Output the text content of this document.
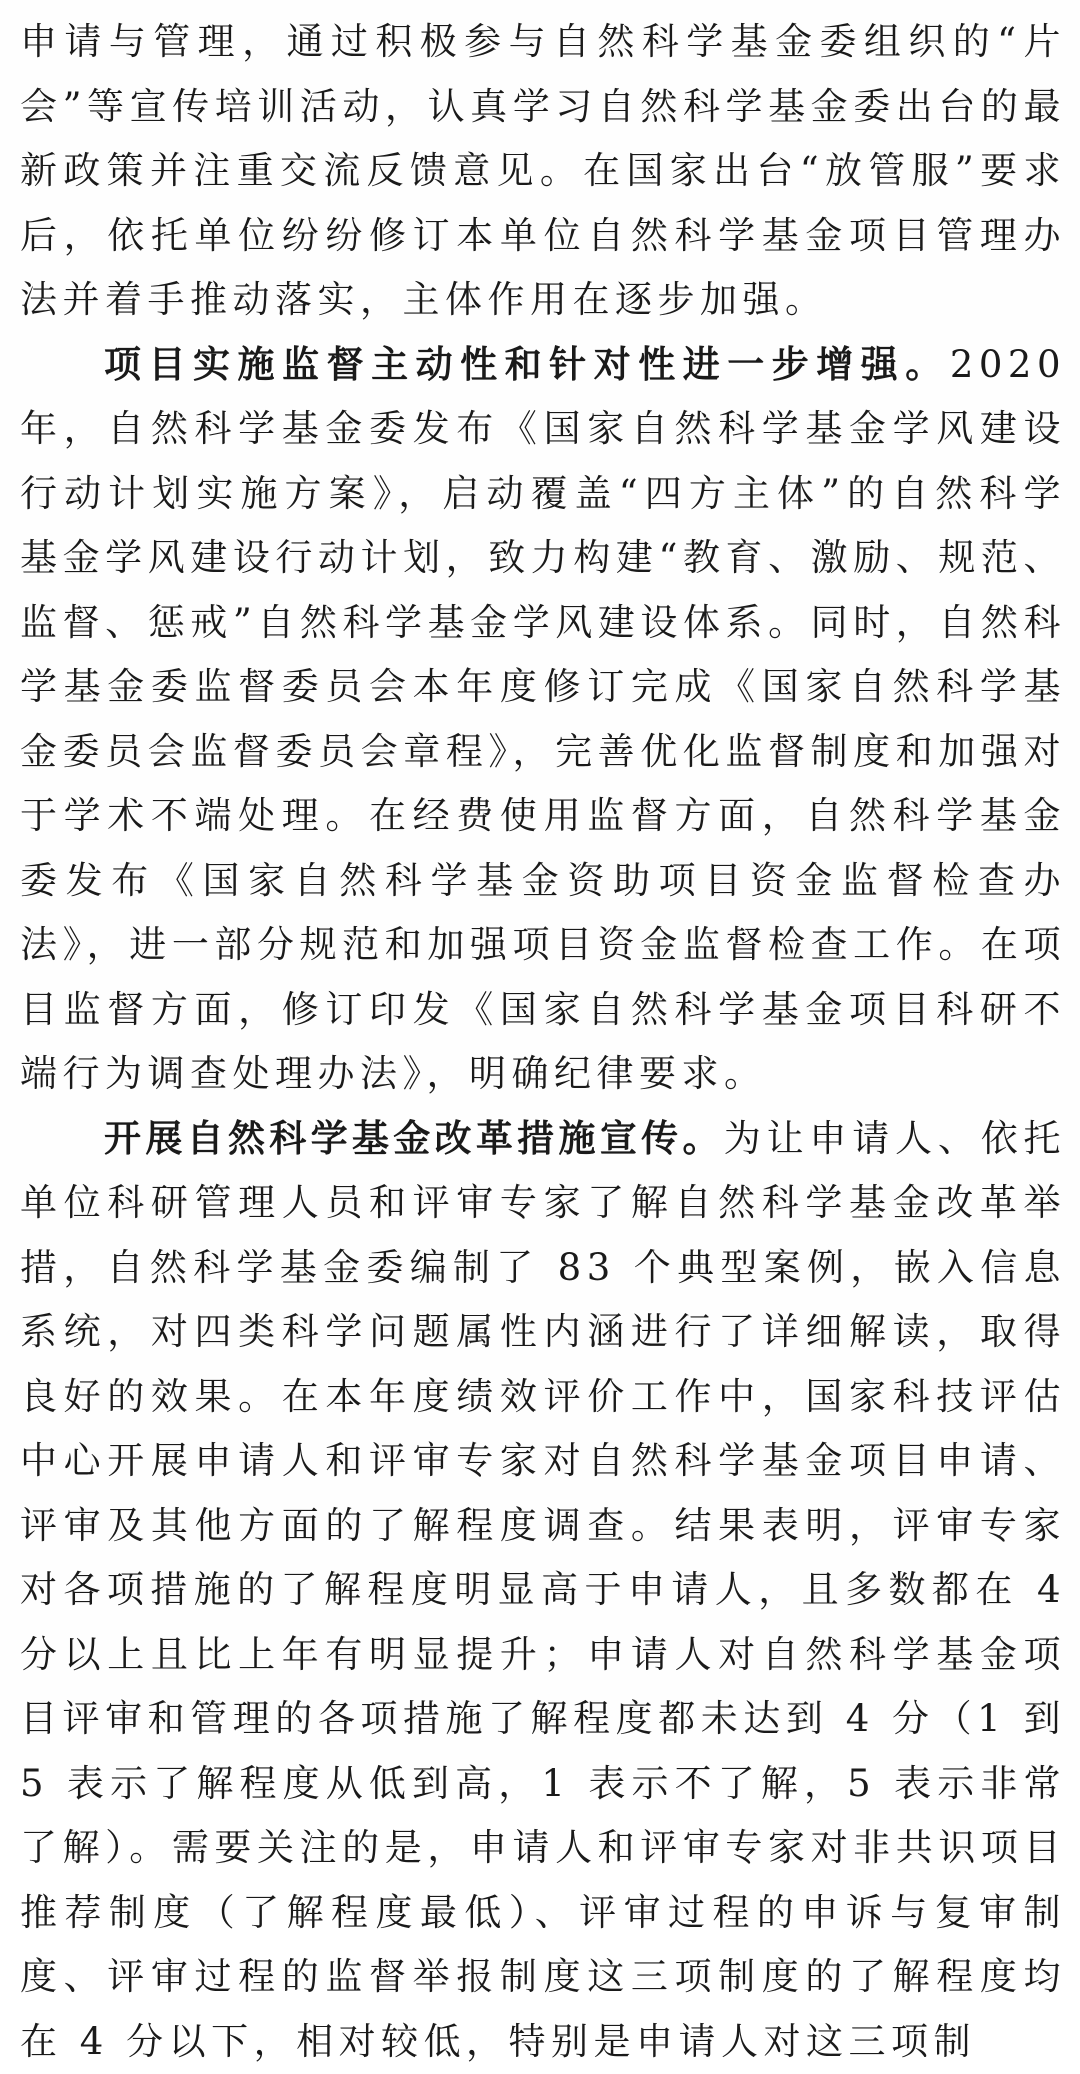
申请与管理，通过积极参与自然科学基金委组织的“片会”等宣传培训活动，认真学习自然科学基金委出台的最新政策并注重交流反馈意见。在国家出台“放管服”要求后，依托单位纷纷修订本单位自然科学基金项目管理办法并着手推动落实，主体作用在逐步加强。

项目实施监督主动性和针对性进一步增强。2020 年，自然科学基金委发布《国家自然科学基金学风建设行动计划实施方案》，启动覆盖“四方主体”的自然科学基金学风建设行动计划，致力构建“教育、激励、规范、监督、惩戒”自然科学基金学风建设体系。同时，自然科学基金委监督委员会本年度修订完成《国家自然科学基金委员会监督委员会章程》，完善优化监督制度和加强对于学术不端处理。在经费使用监督方面，自然科学基金委发布《国家自然科学基金资助项目资金监督检查办法》，进一部分规范和加强项目资金监督检查工作。在项目监督方面，修订印发《国家自然科学基金项目科研不端行为调查处理办法》，明确纪律要求。

开展自然科学基金改革措施宣传。为让申请人、依托单位科研管理人员和评审专家了解自然科学基金改革举措，自然科学基金委编制了 83 个典型案例，嵌入信息系统，对四类科学问题属性内涵进行了详细解读，取得良好的效果。在本年度绩效评价工作中，国家科技评估中心开展申请人和评审专家对自然科学基金项目申请、评审及其他方面的了解程度调查。结果表明，评审专家对各项措施的了解程度明显高于申请人，且多数都在 4 分以上且比上年有明显提升；申请人对自然科学基金项目评审和管理的各项措施了解程度都未达到 4 分（1 到 5 表示了解程度从低到高，1 表示不了解，5 表示非常了解）。需要关注的是，申请人和评审专家对非共识项目推荐制度（了解程度最低）、评审过程的申诉与复审制度、评审过程的监督举报制度这三项制度的了解程度均在 4 分以下，相对较低，特别是申请人对这三项制
